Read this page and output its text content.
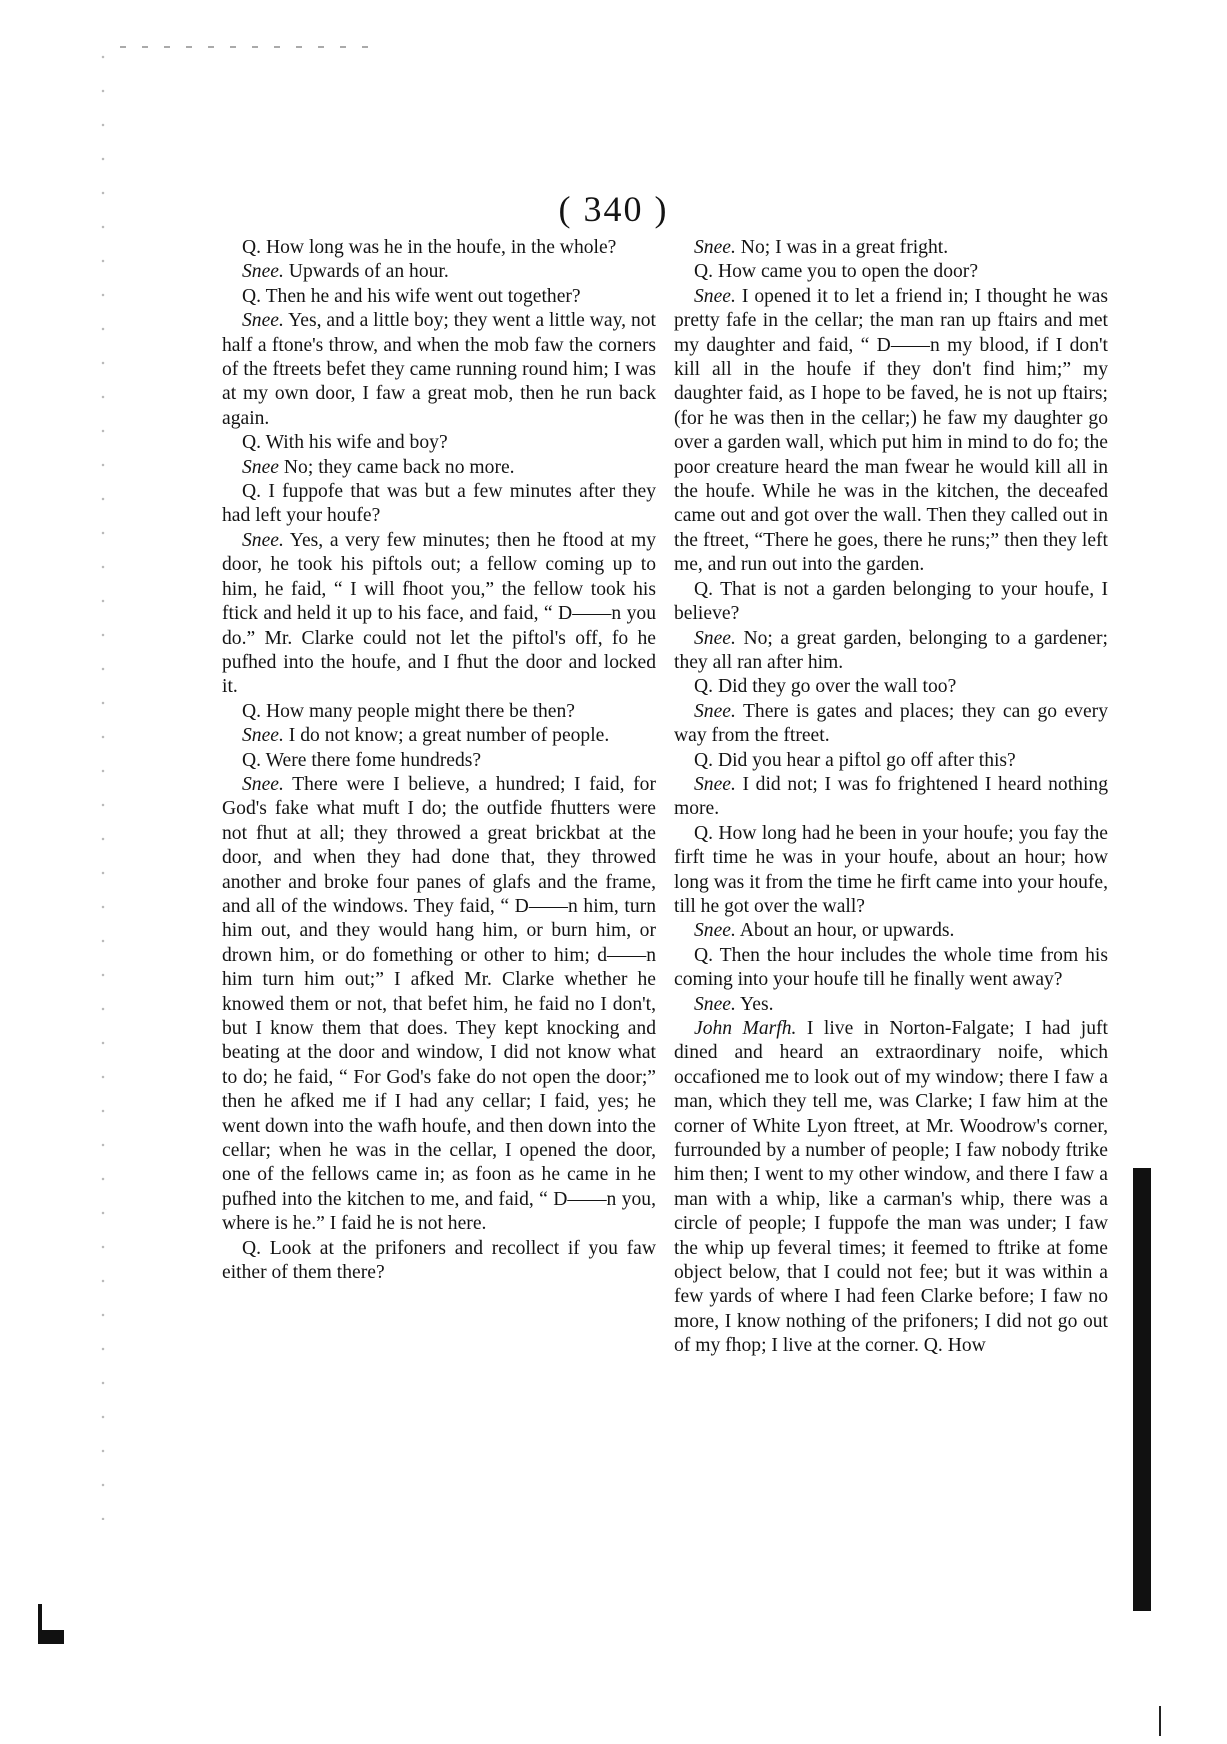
( 340 )

Q. How long was he in the houfe, in the whole?

Snee. Upwards of an hour.

Q. Then he and his wife went out together?

Snee. Yes, and a little boy; they went a little way, not half a ftone's throw, and when the mob faw the corners of the ftreets befet they came running round him; I was at my own door, I faw a great mob, then he run back again.

Q. With his wife and boy?

Snee No; they came back no more.

Q. I fuppofe that was but a few minutes after they had left your houfe?

Snee. Yes, a very few minutes; then he ftood at my door, he took his piftols out; a fellow coming up to him, he faid, “ I will fhoot you,” the fellow took his ftick and held it up to his face, and faid, “ D——n you do.” Mr. Clarke could not let the piftol's off, fo he pufhed into the houfe, and I fhut the door and locked it.

Q. How many people might there be then?

Snee. I do not know; a great number of people.

Q. Were there fome hundreds?

Snee. There were I believe, a hundred; I faid, for God's fake what muft I do; the outfide fhutters were not fhut at all; they throwed a great brickbat at the door, and when they had done that, they throwed another and broke four panes of glafs and the frame, and all of the windows. They faid, “ D——n him, turn him out, and they would hang him, or burn him, or drown him, or do fomething or other to him; d——n him turn him out;” I afked Mr. Clarke whether he knowed them or not, that befet him, he faid no I don't, but I know them that does. They kept knocking and beating at the door and window, I did not know what to do; he faid, “ For God's fake do not open the door;” then he afked me if I had any cellar; I faid, yes; he went down into the wafh houfe, and then down into the cellar; when he was in the cellar, I opened the door, one of the fellows came in; as foon as he came in he pufhed into the kitchen to me, and faid, “ D——n you, where is he.” I faid he is not here.

Q. Look at the prifoners and recollect if you faw either of them there?

Snee. No; I was in a great fright.

Q. How came you to open the door?

Snee. I opened it to let a friend in; I thought he was pretty fafe in the cellar; the man ran up ftairs and met my daughter and faid, “ D——n my blood, if I don't kill all in the houfe if they don't find him;” my daughter faid, as I hope to be faved, he is not up ftairs; (for he was then in the cellar;) he faw my daughter go over a garden wall, which put him in mind to do fo; the poor creature heard the man fwear he would kill all in the houfe. While he was in the kitchen, the deceafed came out and got over the wall. Then they called out in the ftreet, “There he goes, there he runs;” then they left me, and run out into the garden.

Q. That is not a garden belonging to your houfe, I believe?

Snee. No; a great garden, belonging to a gardener; they all ran after him.

Q. Did they go over the wall too?

Snee. There is gates and places; they can go every way from the ftreet.

Q. Did you hear a piftol go off after this?

Snee. I did not; I was fo frightened I heard nothing more.

Q. How long had he been in your houfe; you fay the firft time he was in your houfe, about an hour; how long was it from the time he firft came into your houfe, till he got over the wall?

Snee. About an hour, or upwards.

Q. Then the hour includes the whole time from his coming into your houfe till he finally went away?

Snee. Yes.

John Marfh. I live in Norton-Falgate; I had juft dined and heard an extraordinary noife, which occafioned me to look out of my window; there I faw a man, which they tell me, was Clarke; I faw him at the corner of White Lyon ftreet, at Mr. Woodrow's corner, furrounded by a number of people; I faw nobody ftrike him then; I went to my other window, and there I faw a man with a whip, like a carman's whip, there was a circle of people; I fuppofe the man was under; I faw the whip up feveral times; it feemed to ftrike at fome object below, that I could not fee; but it was within a few yards of where I had feen Clarke before; I faw no more, I know nothing of the prifoners; I did not go out of my fhop; I live at the corner. Q. How
